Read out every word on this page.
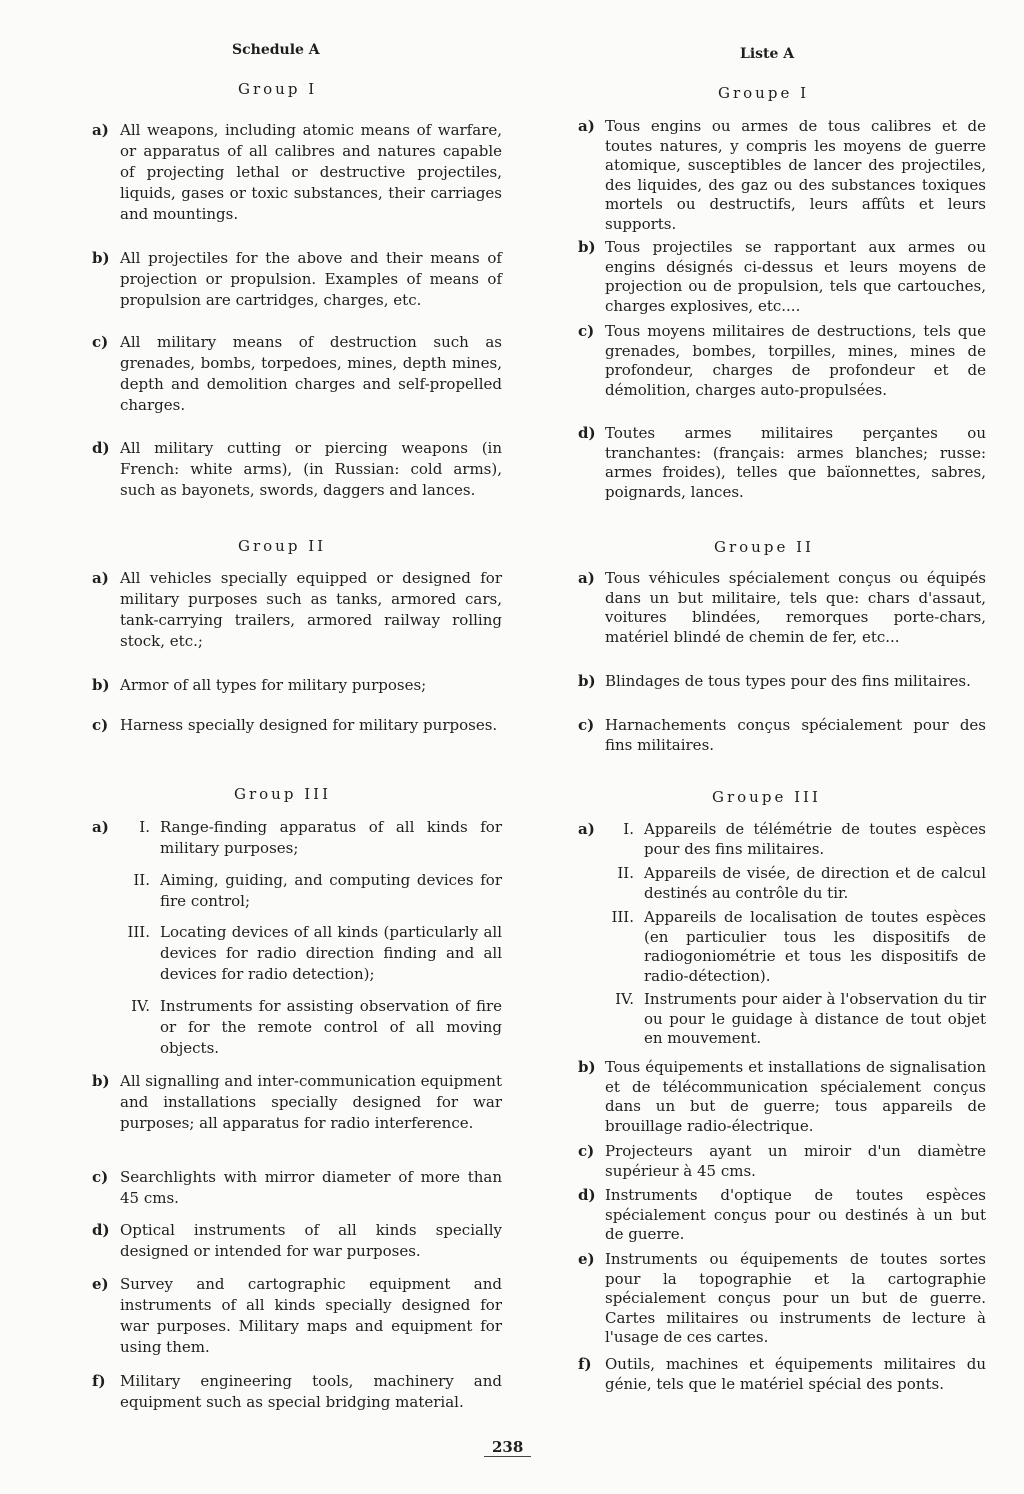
Schedule A
Group I
a) All weapons, including atomic means of warfare, or apparatus of all calibres and natures capable of projecting lethal or destructive projectiles, liquids, gases or toxic substances, their carriages and mountings.
b) All projectiles for the above and their means of projection or propulsion. Examples of means of propulsion are cartridges, charges, etc.
c) All military means of destruction such as grenades, bombs, torpedoes, mines, depth mines, depth and demolition charges and self-propelled charges.
d) All military cutting or piercing weapons (in French: white arms), (in Russian: cold arms), such as bayonets, swords, daggers and lances.
Group II
a) All vehicles specially equipped or designed for military purposes such as tanks, armored cars, tank-carrying trailers, armored railway rolling stock, etc.;
b) Armor of all types for military purposes;
c) Harness specially designed for military purposes.
Group III
a)	I. Range-finding apparatus of all kinds for military purposes;
II. Aiming, guiding, and computing devices for fire control;
III. Locating devices of all kinds (particularly all devices for radio direction finding and all devices for radio detection);
IV. Instruments for assisting observation of fire or for the remote control of all moving objects.
b) All signalling and inter-communication equipment and installations specially designed for war purposes; all apparatus for radio interference.
c) Searchlights with mirror diameter of more than 45 cms.
d) Optical instruments of all kinds specially designed or intended for war purposes.
e) Survey and cartographic equipment and instruments of all kinds specially designed for war purposes. Military maps and equipment for using them.
f) Military engineering tools, machinery and equipment such as special bridging material.
Liste A
Groupe I
a) Tous engins ou armes de tous calibres et de toutes natures, y compris les moyens de guerre atomique, susceptibles de lancer des projectiles, des liquides, des gaz ou des substances toxiques mortels ou destructifs, leurs affûts et leurs supports.
b) Tous projectiles se rapportant aux armes ou engins désignés ci-dessus et leurs moyens de projection ou de propulsion, tels que cartouches, charges explosives, etc....
c) Tous moyens militaires de destructions, tels que grenades, bombes, torpilles, mines, mines de profondeur, charges de profondeur et de démolition, charges auto-propulsées.
d) Toutes armes militaires perçantes ou tranchantes: (français: armes blanches; russe: armes froides), telles que baïonnettes, sabres, poignards, lances.
Groupe II
a) Tous véhicules spécialement conçus ou équipés dans un but militaire, tels que: chars d'assaut, voitures blindées, remorques porte-chars, matériel blindé de chemin de fer, etc...
b) Blindages de tous types pour des fins militaires.
c) Harnachements conçus spécialement pour des fins militaires.
Groupe III
a)	I. Appareils de télémétrie de toutes espèces pour des fins militaires.
II. Appareils de visée, de direction et de calcul destinés au contrôle du tir.
III. Appareils de localisation de toutes espèces (en particulier tous les dispositifs de radiogoniométrie et tous les dispositifs de radio-détection).
IV. Instruments pour aider à l'observation du tir ou pour le guidage à distance de tout objet en mouvement.
b) Tous équipements et installations de signalisation et de télécommunication spécialement conçus dans un but de guerre; tous appareils de brouillage radio-électrique.
c) Projecteurs ayant un miroir d'un diamètre supérieur à 45 cms.
d) Instruments d'optique de toutes espèces spécialement conçus pour ou destinés à un but de guerre.
e) Instruments ou équipements de toutes sortes pour la topographie et la cartographie spécialement conçus pour un but de guerre. Cartes militaires ou instruments de lecture à l'usage de ces cartes.
f) Outils, machines et équipements militaires du génie, tels que le matériel spécial des ponts.
238
